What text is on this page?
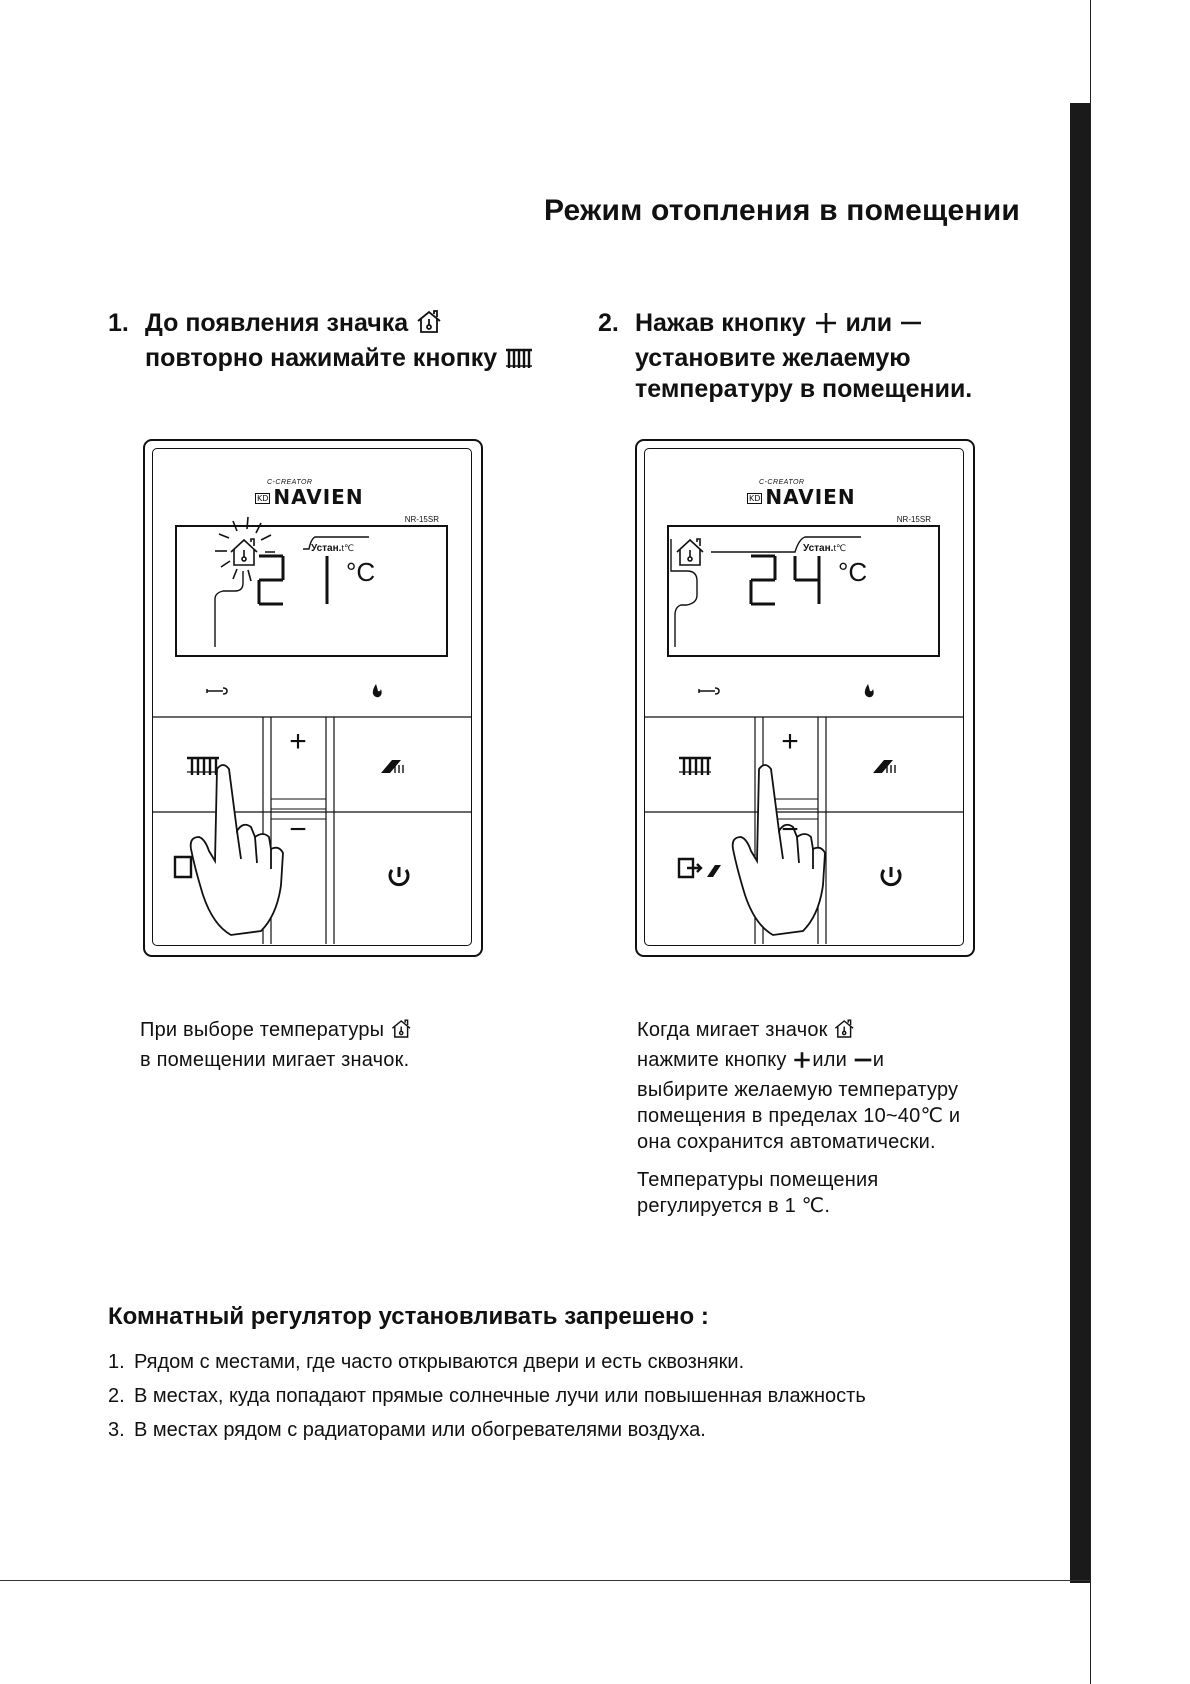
Режим отопления в помещении
1. До появления значка
повторно нажимайте кнопку
2. Нажав кнопку или
установите желаемую
температуру в помещении.
C-CREATOR
KD NAVIEN
NR-15SR
Устан.t℃
°C
+
−
C-CREATOR
KD NAVIEN
NR-15SR
Устан.t℃
°C
+
−
При выборе температуры
в помещении мигает значок.
Когда мигает значок
нажмите кнопку или и
выбирите желаемую температуру
помещения в пределах 10~40℃ и
она сохранится автоматически.
Температуры помещения
регулируется в 1 ℃.
Комнатный регулятор установливать запрешено :
1. Рядом с местами, где часто открываются двери и есть сквозняки.
2. В местах, куда попадают прямые солнечные лучи или повышенная влажность
3. В местах рядом с радиаторами или обогревателями воздуха.
